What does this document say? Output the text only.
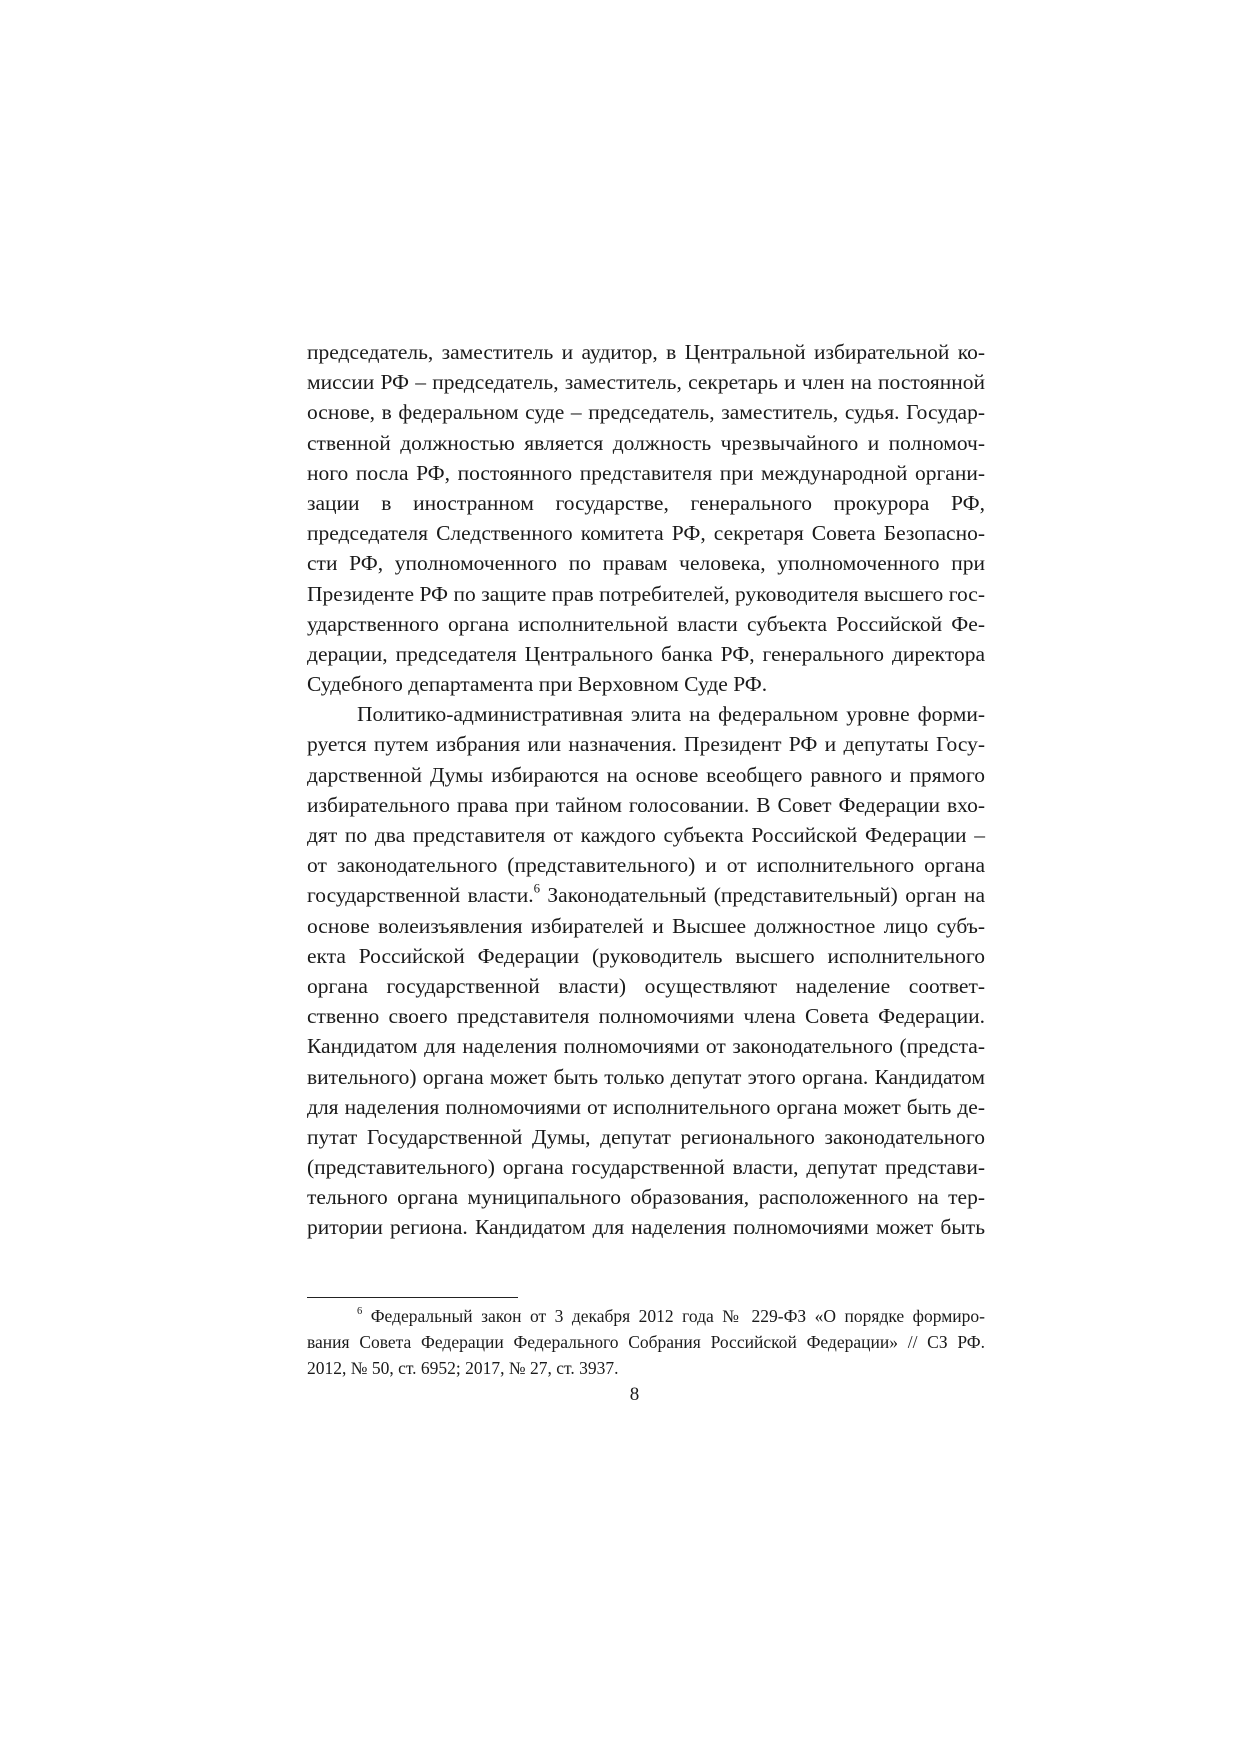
председатель, заместитель и аудитор, в Центральной избирательной ко-
миссии РФ – председатель, заместитель, секретарь и член на постоянной
основе, в федеральном суде – председатель, заместитель, судья. Государ-
ственной должностью является должность чрезвычайного и полномоч-
ного посла РФ, постоянного представителя при международной органи-
зации в иностранном государстве, генерального прокурора РФ,
председателя Следственного комитета РФ, секретаря Совета Безопасно-
сти РФ, уполномоченного по правам человека, уполномоченного при
Президенте РФ по защите прав потребителей, руководителя высшего гос-
ударственного органа исполнительной власти субъекта Российской Фе-
дерации, председателя Центрального банка РФ, генерального директора
Судебного департамента при Верховном Суде РФ.

Политико-административная элита на федеральном уровне форми-
руется путем избрания или назначения. Президент РФ и депутаты Госу-
дарственной Думы избираются на основе всеобщего равного и прямого
избирательного права при тайном голосовании. В Совет Федерации вхо-
дят по два представителя от каждого субъекта Российской Федерации –
от законодательного (представительного) и от исполнительного органа
государственной власти.$^6$ Законодательный (представительный) орган на
основе волеизъявления избирателей и Высшее должностное лицо субъ-
екта Российской Федерации (руководитель высшего исполнительного
органа государственной власти) осуществляют наделение соответ-
ственно своего представителя полномочиями члена Совета Федерации.
Кандидатом для наделения полномочиями от законодательного (предста-
вительного) органа может быть только депутат этого органа. Кандидатом
для наделения полномочиями от исполнительного органа может быть де-
путат Государственной Думы, депутат регионального законодательного
(представительного) органа государственной власти, депутат представи-
тельного органа муниципального образования, расположенного на тер-
ритории региона. Кандидатом для наделения полномочиями может быть

$^6$ Федеральный закон от 3 декабря 2012 года № 229-ФЗ «О порядке формиро-
вания Совета Федерации Федерального Собрания Российской Федерации» // СЗ РФ.
2012, № 50, ст. 6952; 2017, № 27, ст. 3937.
8
